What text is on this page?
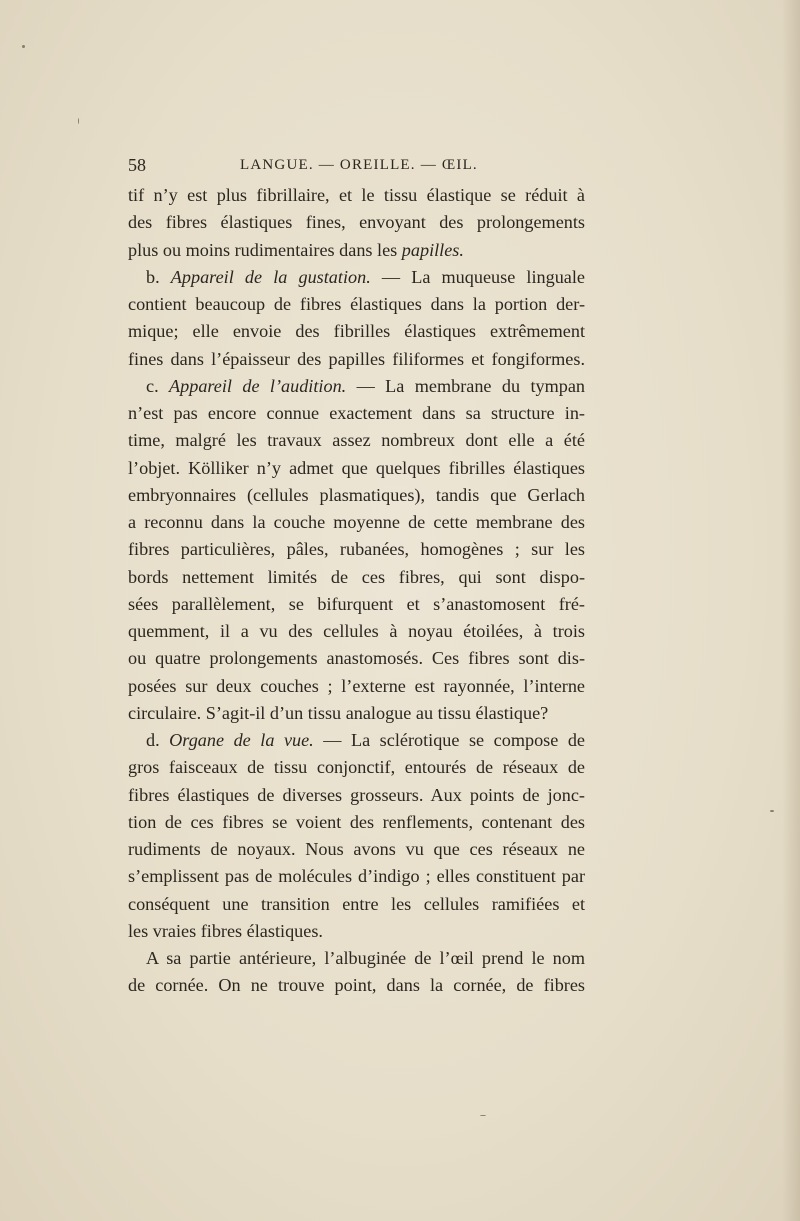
58	LANGUE. — OREILLE. — ŒIL.
tif n’y est plus fibrillaire, et le tissu élastique se réduit à
des fibres élastiques fines, envoyant des prolongements
plus ou moins rudimentaires dans les papilles.
b. Appareil de la gustation. — La muqueuse linguale
contient beaucoup de fibres élastiques dans la portion der-
mique; elle envoie des fibrilles élastiques extrêmement
fines dans l’épaisseur des papilles filiformes et fongiformes.
c. Appareil de l’audition. — La membrane du tympan
n’est pas encore connue exactement dans sa structure in-
time, malgré les travaux assez nombreux dont elle a été
l’objet. Kölliker n’y admet que quelques fibrilles élastiques
embryonnaires (cellules plasmatiques), tandis que Gerlach
a reconnu dans la couche moyenne de cette membrane des
fibres particulières, pâles, rubanées, homogènes ; sur les
bords nettement limités de ces fibres, qui sont dispo-
sées parallèlement, se bifurquent et s’anastomosent fré-
quemment, il a vu des cellules à noyau étoilées, à trois
ou quatre prolongements anastomosés. Ces fibres sont dis-
posées sur deux couches ; l’externe est rayonnée, l’interne
circulaire. S’agit-il d’un tissu analogue au tissu élastique?
d. Organe de la vue. — La sclérotique se compose de
gros faisceaux de tissu conjonctif, entourés de réseaux de
fibres élastiques de diverses grosseurs. Aux points de jonc-
tion de ces fibres se voient des renflements, contenant des
rudiments de noyaux. Nous avons vu que ces réseaux ne
s’emplissent pas de molécules d’indigo ; elles constituent par
conséquent une transition entre les cellules ramifiées et
les vraies fibres élastiques.
A sa partie antérieure, l’albuginée de l’œil prend le nom
de cornée. On ne trouve point, dans la cornée, de fibres
